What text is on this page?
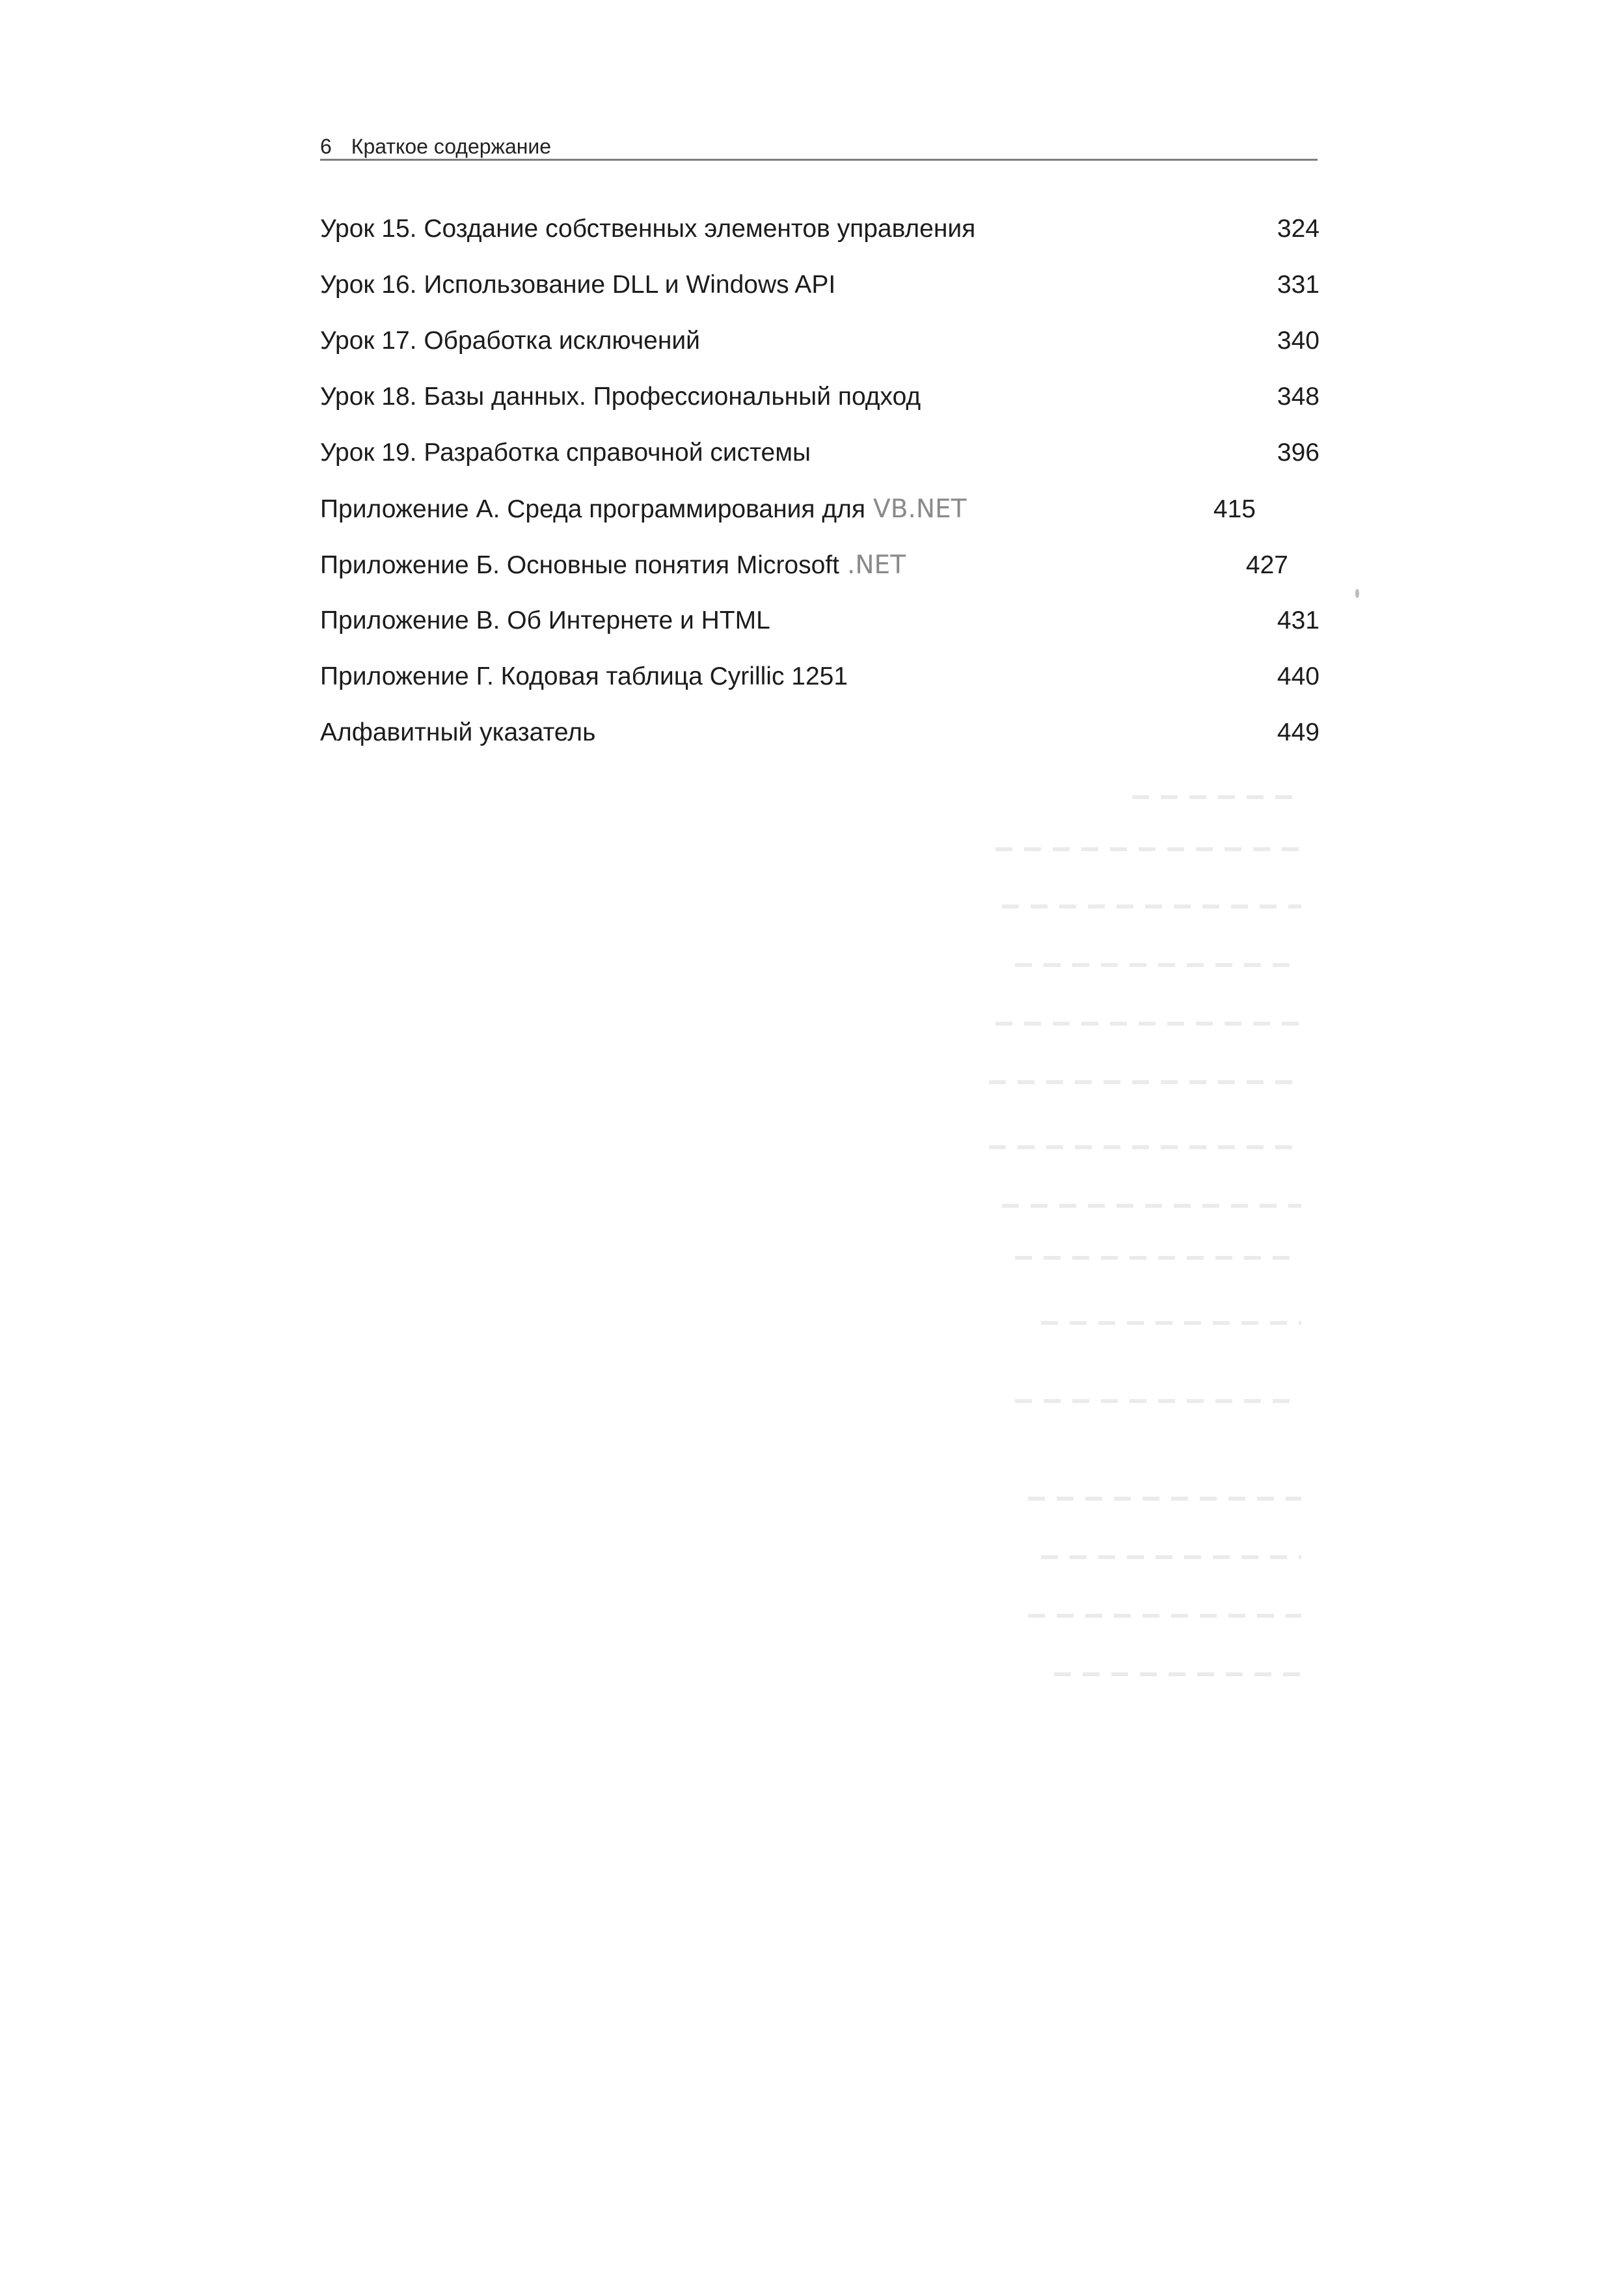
6 Краткое содержание
Урок 15. Создание собственных элементов управления	324
Урок 16. Использование DLL и Windows API	331
Урок 17. Обработка исключений	340
Урок 18. Базы данных. Профессиональный подход	348
Урок 19. Разработка справочной системы	396
Приложение А. Среда программирования для VB.NET	415
Приложение Б. Основные понятия Microsoft .NET	427
Приложение В. Об Интернете и HTML	431
Приложение Г. Кодовая таблица Cyrillic 1251	440
Алфавитный указатель	449
